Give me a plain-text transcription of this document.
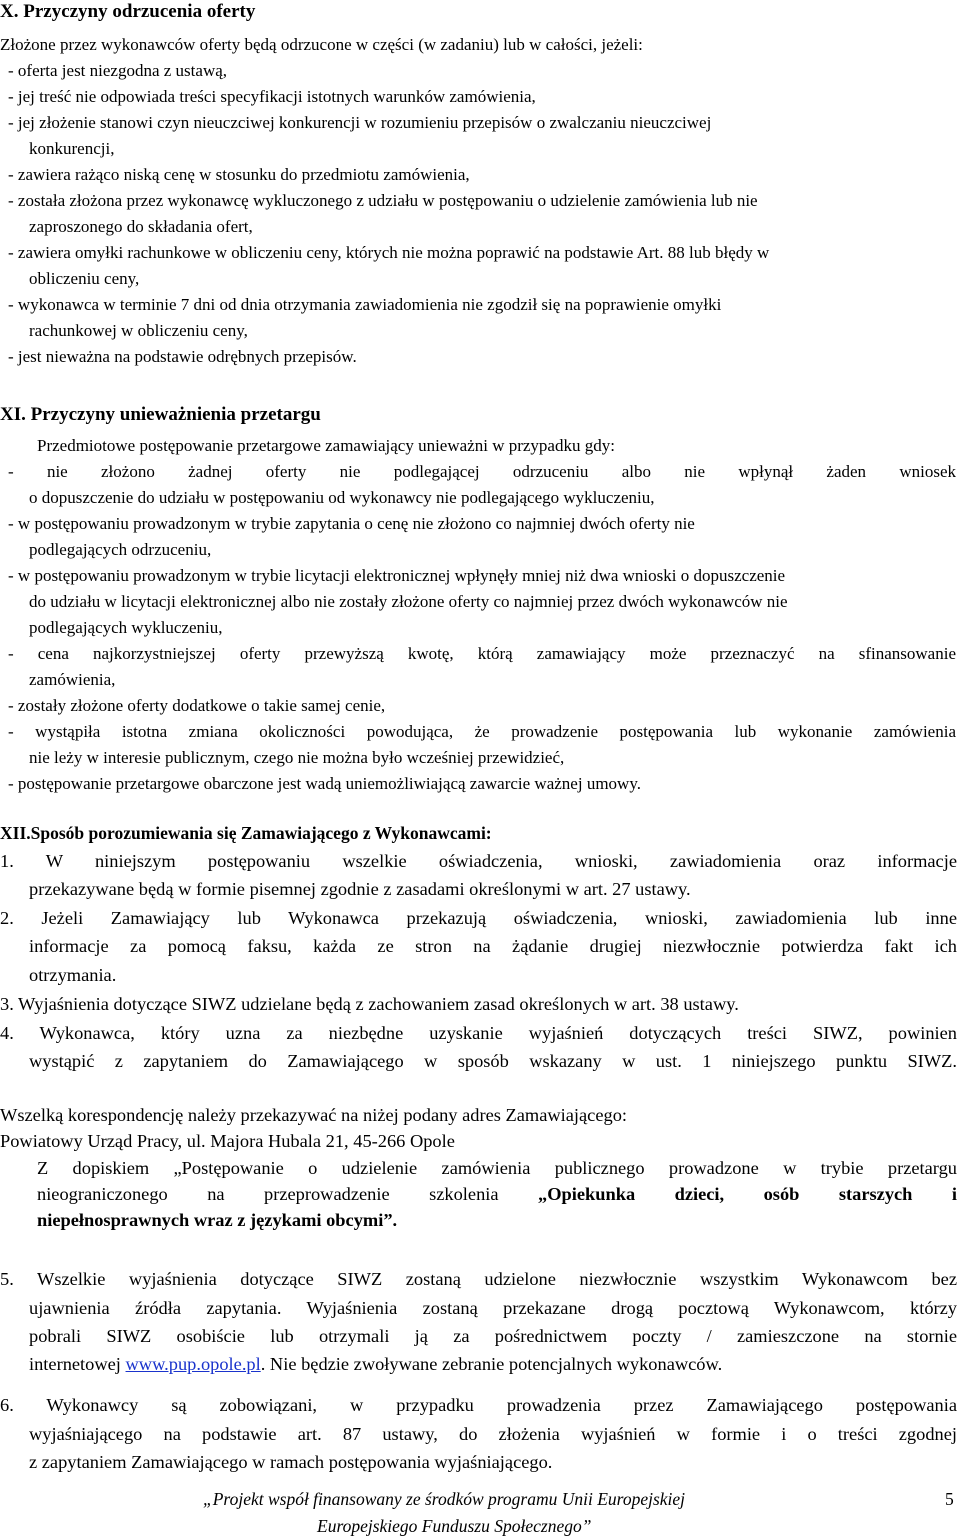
X. Przyczyny odrzucenia oferty
Złożone przez wykonawców oferty będą odrzucone w części (w zadaniu) lub w całości, jeżeli:
- oferta jest niezgodna z ustawą,
- jej treść nie odpowiada treści specyfikacji istotnych warunków zamówienia,
- jej złożenie stanowi czyn nieuczciwej konkurencji w rozumieniu przepisów o zwalczaniu nieuczciwej
konkurencji,
- zawiera rażąco niską cenę w stosunku do przedmiotu zamówienia,
- została złożona przez wykonawcę wykluczonego z udziału w postępowaniu o udzielenie zamówienia lub nie
zaproszonego do składania ofert,
- zawiera omyłki rachunkowe w obliczeniu ceny, których nie można poprawić na podstawie Art. 88 lub błędy w
obliczeniu ceny,
- wykonawca w terminie 7 dni od dnia otrzymania zawiadomienia nie zgodził się na poprawienie omyłki
rachunkowej w obliczeniu ceny,
- jest nieważna na podstawie odrębnych przepisów.
XI. Przyczyny unieważnienia przetargu
Przedmiotowe postępowanie przetargowe zamawiający unieważni w przypadku gdy:
- nie złożono żadnej oferty nie podlegającej odrzuceniu albo nie wpłynął żaden wniosek
o dopuszczenie do udziału w postępowaniu od wykonawcy nie podlegającego wykluczeniu,
- w postępowaniu prowadzonym w trybie zapytania o cenę nie złożono co najmniej dwóch oferty nie
podlegających odrzuceniu,
- w postępowaniu prowadzonym w trybie licytacji elektronicznej wpłynęły mniej niż dwa wnioski o dopuszczenie
do udziału w licytacji elektronicznej albo nie zostały złożone oferty co najmniej przez dwóch wykonawców nie
podlegających wykluczeniu,
- cena najkorzystniejszej oferty przewyższą kwotę, którą zamawiający może przeznaczyć na sfinansowanie
zamówienia,
- zostały złożone oferty dodatkowe o takie samej cenie,
- wystąpiła istotna zmiana okoliczności powodująca, że prowadzenie postępowania lub wykonanie zamówienia
nie leży w interesie publicznym, czego nie można było wcześniej przewidzieć,
- postępowanie przetargowe obarczone jest wadą uniemożliwiającą zawarcie ważnej umowy.
XII.Sposób porozumiewania się Zamawiającego z Wykonawcami:
1. W niniejszym postępowaniu wszelkie oświadczenia, wnioski, zawiadomienia oraz informacje
przekazywane będą w formie pisemnej zgodnie z zasadami określonymi w art. 27 ustawy.
2. Jeżeli Zamawiający lub Wykonawca przekazują oświadczenia, wnioski, zawiadomienia lub inne
informacje za pomocą faksu, każda ze stron na żądanie drugiej niezwłocznie potwierdza fakt ich
otrzymania.
3. Wyjaśnienia dotyczące SIWZ udzielane będą z zachowaniem zasad określonych w art. 38 ustawy.
4. Wykonawca, który uzna za niezbędne uzyskanie wyjaśnień dotyczących treści SIWZ, powinien
wystąpić z zapytaniem do Zamawiającego w sposób wskazany w ust. 1 niniejszego punktu SIWZ.
Wszelką korespondencję należy przekazywać na niżej podany adres Zamawiającego:
Powiatowy Urząd Pracy, ul. Majora Hubala 21, 45-266 Opole
Z dopiskiem „Postępowanie o udzielenie zamówienia publicznego prowadzone w trybie przetargu
nieograniczonego na przeprowadzenie szkolenia „Opiekunka dzieci, osób starszych i
niepełnosprawnych wraz z językami obcymi”.
5. Wszelkie wyjaśnienia dotyczące SIWZ zostaną udzielone niezwłocznie wszystkim Wykonawcom bez
ujawnienia źródła zapytania. Wyjaśnienia zostaną przekazane drogą pocztową Wykonawcom, którzy
pobrali SIWZ osobiście lub otrzymali ją za pośrednictwem poczty / zamieszczone na stornie
internetowej www.pup.opole.pl. Nie będzie zwoływane zebranie potencjalnych wykonawców.
6. Wykonawcy są zobowiązani, w przypadku prowadzenia przez Zamawiającego postępowania
wyjaśniającego na podstawie art. 87 ustawy, do złożenia wyjaśnień w formie i o treści zgodnej
z zapytaniem Zamawiającego w ramach postępowania wyjaśniającego.
„Projekt współ finansowany ze środków programu Unii Europejskiej
Europejskiego Funduszu Społecznego”
5
